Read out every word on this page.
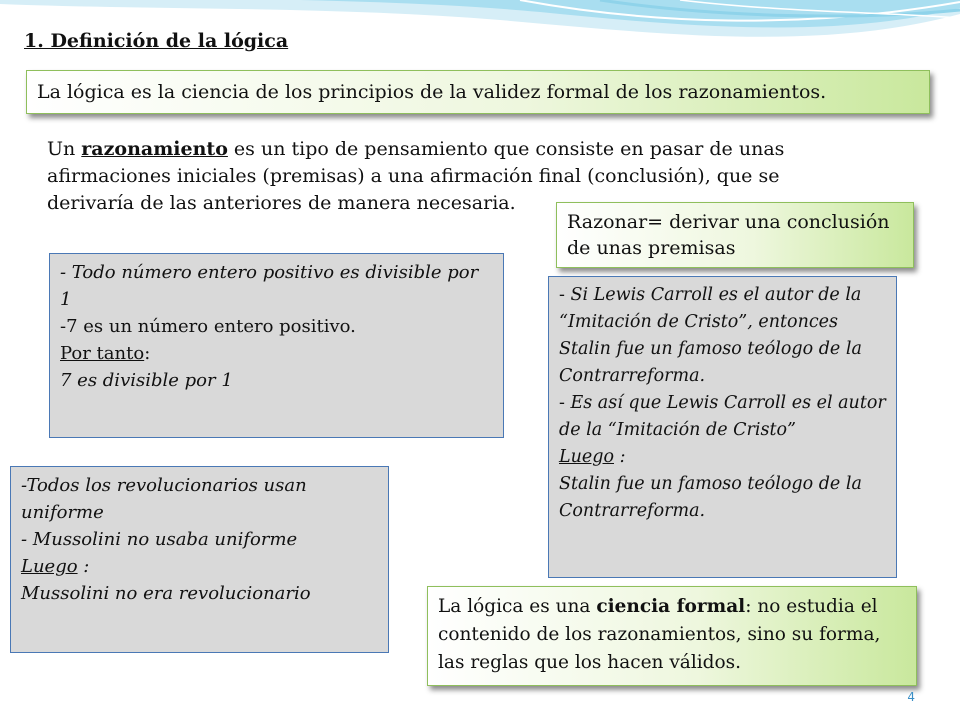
1. Definición de la lógica
La lógica es la ciencia de los principios de la validez formal de los razonamientos.

Un razonamiento es un tipo de pensamiento que consiste en pasar de unas afirmaciones iniciales (premisas) a una afirmación final (conclusión), que se derivaría de las anteriores de manera necesaria.

Razonar= derivar una conclusión de unas premisas
- Todo número entero positivo es divisible por 1
-7 es un número entero positivo.
Por tanto:
7 es divisible por 1
- Si Lewis Carroll es el autor de la “Imitación de Cristo”, entonces Stalin fue un famoso teólogo de la Contrarreforma.
- Es así que Lewis Carroll es el autor de la “Imitación de Cristo”
Luego :
Stalin fue un famoso teólogo de la Contrarreforma.
-Todos los revolucionarios usan uniforme
- Mussolini no usaba uniforme
Luego :
Mussolini no era revolucionario
La lógica es una ciencia formal: no estudia el contenido de los razonamientos, sino su forma, las reglas que los hacen válidos.
4
